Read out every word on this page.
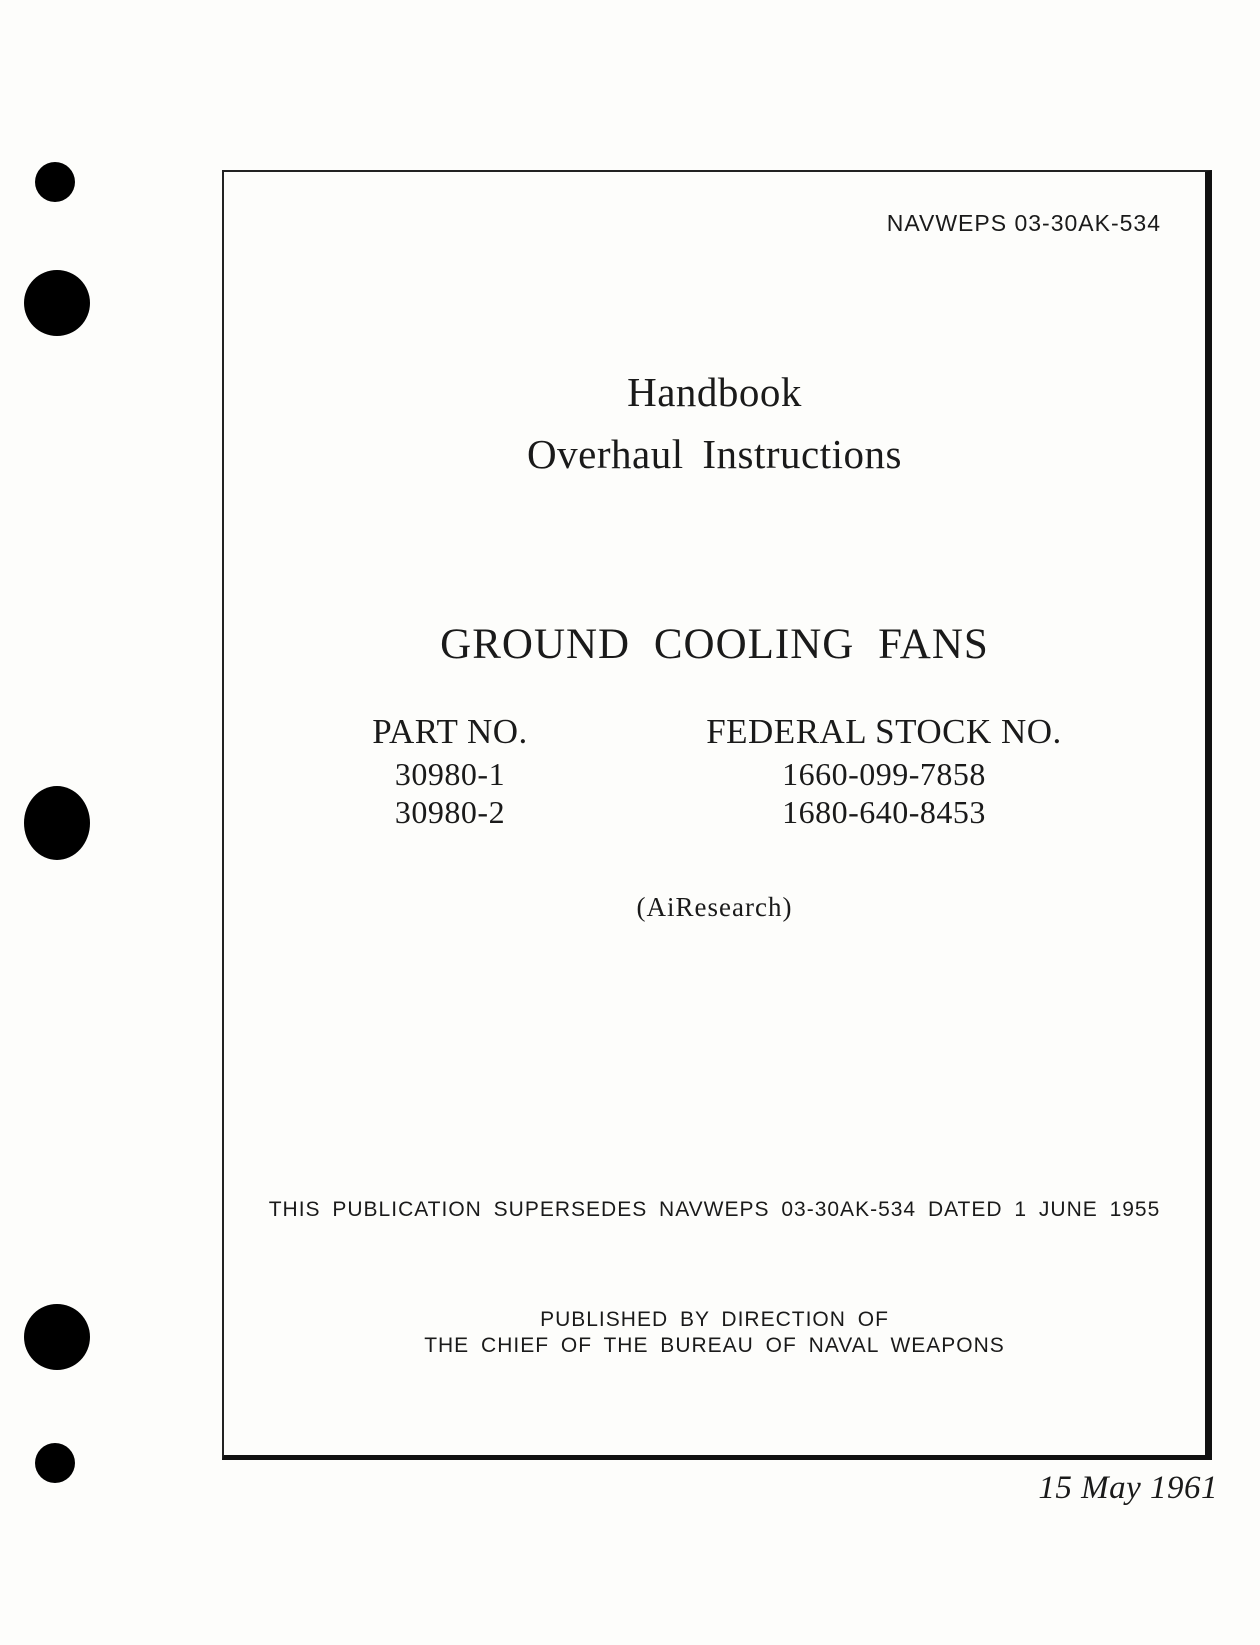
NAVWEPS 03-30AK-534
Handbook
Overhaul Instructions
GROUND COOLING FANS
PART NO.
30980-1
30980-2
FEDERAL STOCK NO.
1660-099-7858
1680-640-8453
(AiResearch)
THIS PUBLICATION SUPERSEDES NAVWEPS 03-30AK-534 DATED 1 JUNE 1955
PUBLISHED BY DIRECTION OF
THE CHIEF OF THE BUREAU OF NAVAL WEAPONS
15 May 1961
